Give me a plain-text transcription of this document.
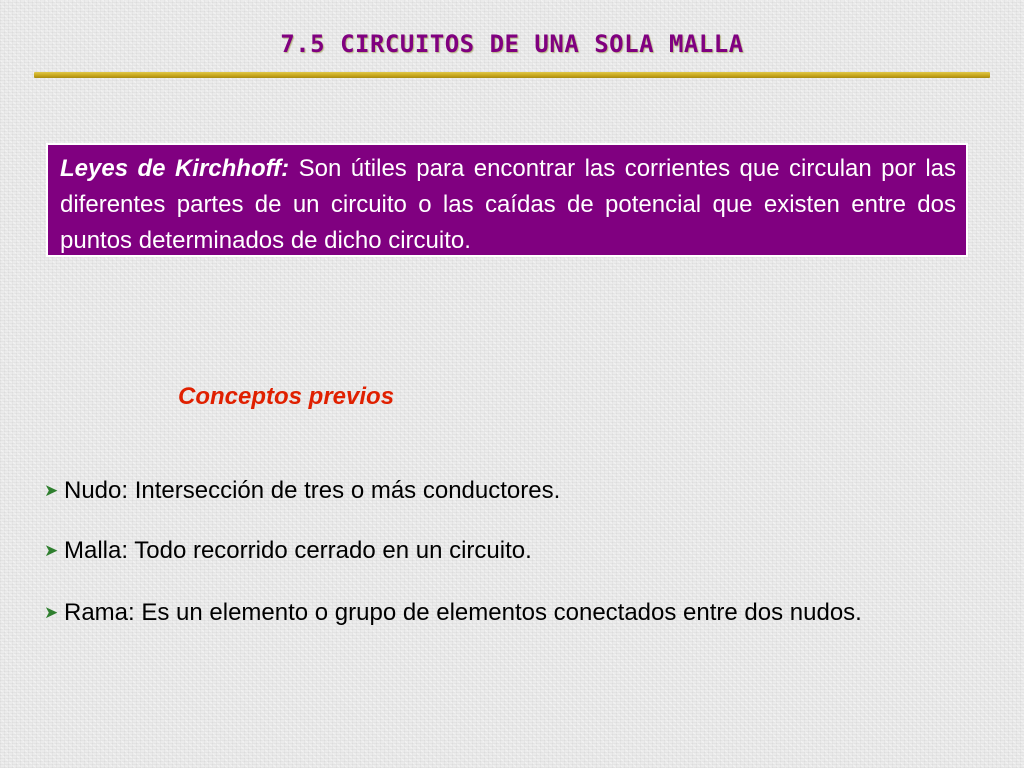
7.5 CIRCUITOS DE UNA SOLA MALLA
Leyes de Kirchhoff: Son útiles para encontrar las corrientes que circulan por las diferentes partes de un circuito o las caídas de potencial que existen entre dos puntos determinados de dicho circuito.
Conceptos previos
➤ Nudo: Intersección de tres o más conductores.
➤ Malla: Todo recorrido cerrado en un circuito.
➤ Rama: Es un elemento o grupo de elementos conectados entre dos nudos.
